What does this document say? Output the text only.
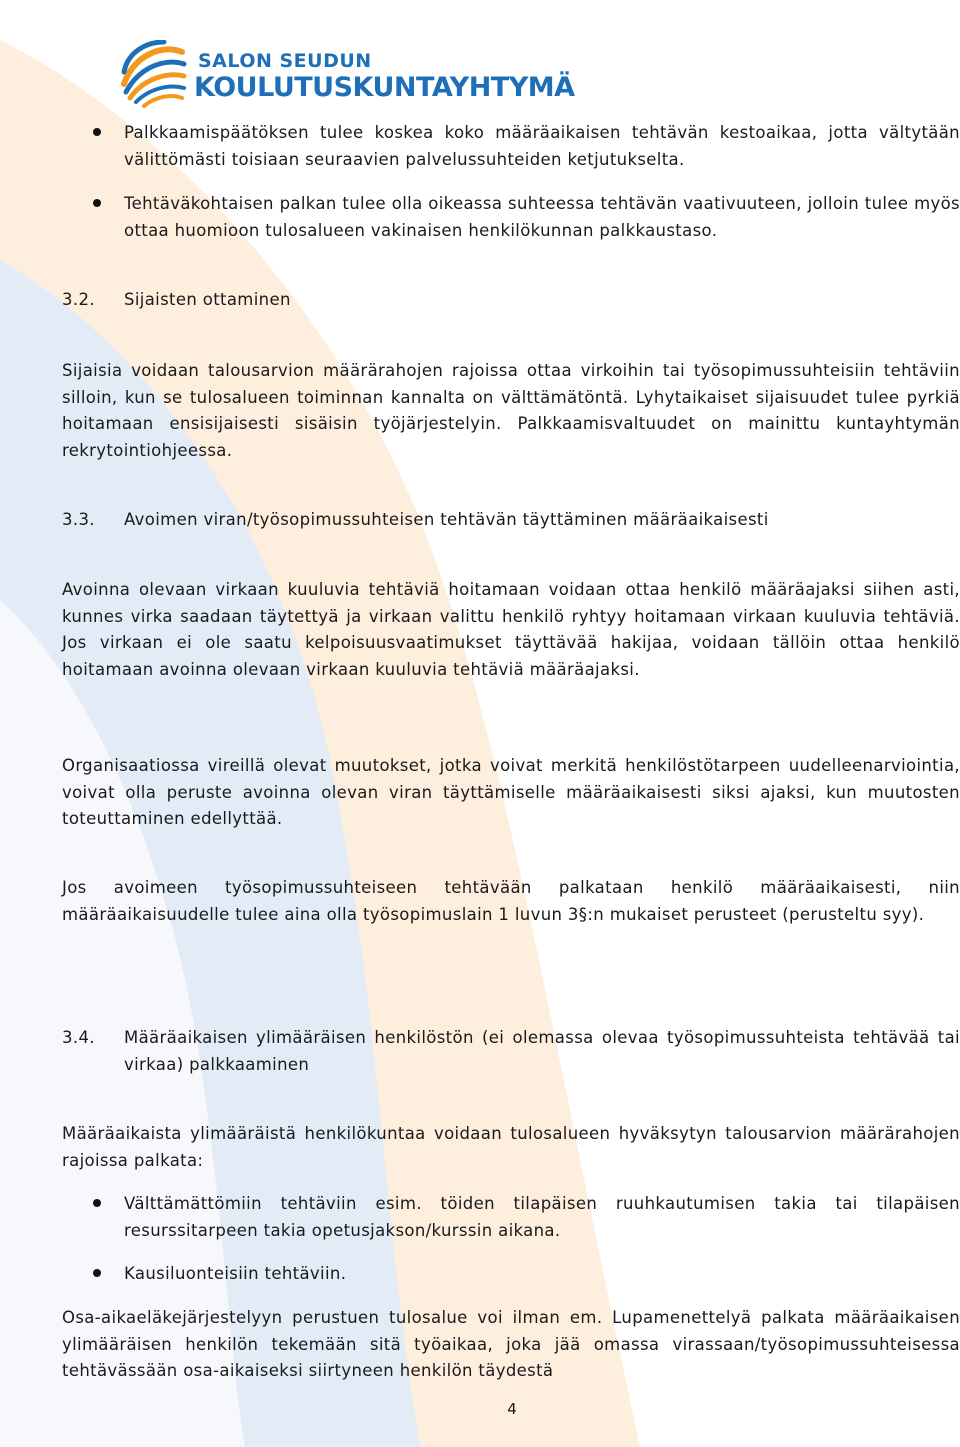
SALON SEUDUN
KOULUTUSKUNTAYHTYMÄ

Palkkaamispäätöksen tulee koskea koko määräaikaisen tehtävän kestoaikaa, jotta vältytään välittömästi toisiaan seuraavien palvelussuhteiden ketjutukselta.

Tehtäväkohtaisen palkan tulee olla oikeassa suhteessa tehtävän vaativuuteen, jolloin tulee myös ottaa huomioon tulosalueen vakinaisen henkilökunnan palkkaustaso.

3.2. Sijaisten ottaminen

Sijaisia voidaan talousarvion määrärahojen rajoissa ottaa virkoihin tai työsopimussuhteisiin tehtäviin silloin, kun se tulosalueen toiminnan kannalta on välttämätöntä. Lyhytaikaiset sijaisuudet tulee pyrkiä hoitamaan ensisijaisesti sisäisin työjärjestelyin. Palkkaamisvaltuudet on mainittu kuntayhtymän rekrytointiohjeessa.

3.3. Avoimen viran/työsopimussuhteisen tehtävän täyttäminen määräaikaisesti

Avoinna olevaan virkaan kuuluvia tehtäviä hoitamaan voidaan ottaa henkilö määräajaksi siihen asti, kunnes virka saadaan täytettyä ja virkaan valittu henkilö ryhtyy hoitamaan virkaan kuuluvia tehtäviä. Jos virkaan ei ole saatu kelpoisuusvaatimukset täyttävää hakijaa, voidaan tällöin ottaa henkilö hoitamaan avoinna olevaan virkaan kuuluvia tehtäviä määräajaksi.

Organisaatiossa vireillä olevat muutokset, jotka voivat merkitä henkilöstötarpeen uudelleenarviointia, voivat olla peruste avoinna olevan viran täyttämiselle määräaikaisesti siksi ajaksi, kun muutosten toteuttaminen edellyttää.

Jos avoimeen työsopimussuhteiseen tehtävään palkataan henkilö määräaikaisesti, niin määräaikaisuudelle tulee aina olla työsopimuslain 1 luvun 3§:n mukaiset perusteet (perusteltu syy).

3.4. Määräaikaisen ylimääräisen henkilöstön (ei olemassa olevaa työsopimussuhteista tehtävää tai virkaa) palkkaaminen

Määräaikaista ylimääräistä henkilökuntaa voidaan tulosalueen hyväksytyn talousarvion määrärahojen rajoissa palkata:

Välttämättömiin tehtäviin esim. töiden tilapäisen ruuhkautumisen takia tai tilapäisen resurssitarpeen takia opetusjakson/kurssin aikana.

Kausiluonteisiin tehtäviin.

Osa-aikaeläkejärjestelyyn perustuen tulosalue voi ilman em. Lupamenettelyä palkata määräaikaisen ylimääräisen henkilön tekemään sitä työaikaa, joka jää omassa virassaan/työsopimussuhteisessa tehtävässään osa-aikaiseksi siirtyneen henkilön täydestä

4
